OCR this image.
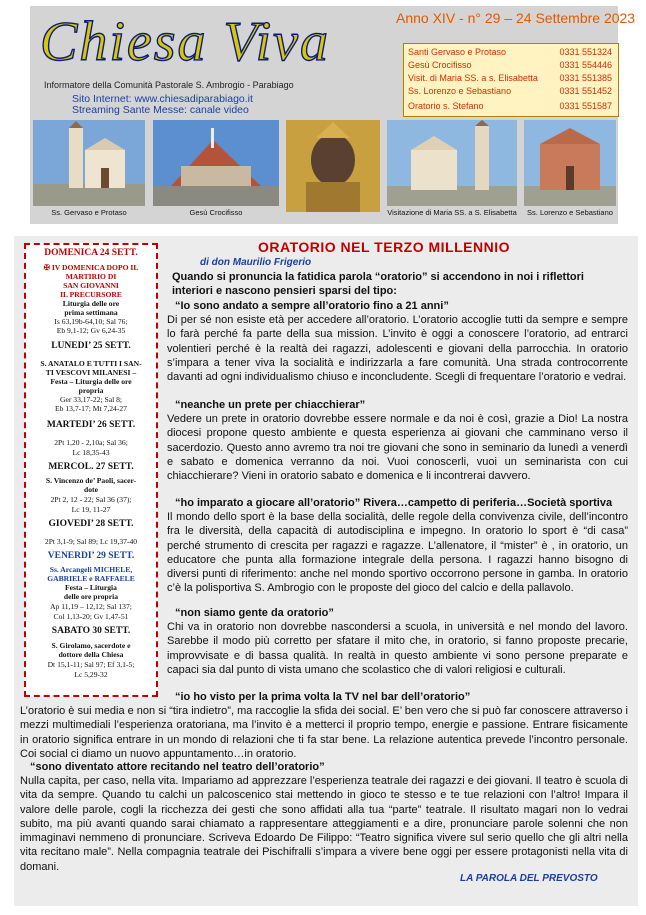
Chiesa Viva
Informatore della Comunità Pastorale S. Ambrogio - Parabiago
Sito Internet: www.chiesadiparabiago.it
Streaming Sante Messe: canale video
Anno XIV - n° 29 – 24 Settembre 2023
Santi Gervaso e Protaso	0331 551324
Gesù Crocifisso	0331 554446
Visit. di Maria SS. a s. Elisabetta 0331 551385
Ss. Lorenzo e Sebastiano	0331 551452
Oratorio s. Stefano	0331 551587
Ss. Gervaso e Protaso	Gesù Crocifisso	Visitazione di Maria SS. a S. Elisabetta	Ss. Lorenzo e Sebastiano
DOMENICA 24 SETT.
✠ IV DOMENICA DOPO IL
MARTIRIO DI
SAN GIOVANNI
IL PRECURSORE
Liturgia delle ore
prima settimana
Is 63,19b-64,10; Sal 76;
Eb 9,1-12; Gv 6,24-35
LUNEDI’ 25 SETT.
S. ANATALO E TUTTI I SAN-
TI VESCOVI MILANESI –
Festa – Liturgia delle ore
propria
Ger 33,17-22; Sal 8;
Eb 13,7-17; Mt 7,24-27
MARTEDI’ 26 SETT.
2Pt 1,20 - 2,10a; Sal 36;
Lc 18,35-43
MERCOL. 27 SETT.
S. Vincenzo de’ Paoli, sacer-
dote
2Pt 2, 12 - 22; Sal 36 (37);
Lc 19, 11-27
GIOVEDI’ 28 SETT.
2Pt 3,1-9; Sal 89; Lc 19,37-40
VENERDI’ 29 SETT.
Ss. Arcangeli MICHELE,
GABRIELE e RAFFAELE
Festa – Liturgia
delle ore propria
Ap 11,19 – 12,12; Sal 137;
Col 1,13-20; Gv 1,47-51
SABATO 30 SETT.
S. Girolamo, sacerdote e
dottore della Chiesa
Dt 15,1-11; Sal 97; Ef 3,1-5;
Lc 5,29-32
ORATORIO NEL TERZO MILLENNIO
di don Maurilio Frigerio
Quando si pronuncia la fatidica parola “oratorio” si accendono in noi i riflettori interiori e nascono pensieri sparsi del tipo:
“Io sono andato a sempre all’oratorio fino a 21 anni”
Di per sé non esiste età per accedere all’oratorio. L’oratorio accoglie tutti da sempre e sempre lo farà perché fa parte della sua mission. L’invito è oggi a conoscere l’oratorio, ad entrarci volentieri perché è la realtà dei ragazzi, adolescenti e giovani della parrocchia. In oratorio s’impara a tener viva la socialità e indirizzarla a fare comunità. Una strada controcorrente davanti ad ogni individualismo chiuso e inconcludente. Scegli di frequentare l’oratorio e vedrai.
“neanche un prete per chiacchierar”
Vedere un prete in oratorio dovrebbe essere normale e da noi è così, grazie a Dio! La nostra diocesi propone questo ambiente e questa esperienza ai giovani che camminano verso il sacerdozio. Questo anno avremo tra noi tre giovani che sono in seminario da lunedì a venerdì e sabato e domenica verranno da noi. Vuoi conoscerli, vuoi un seminarista con cui chiacchierare? Vieni in oratorio sabato e domenica e li incontrerai davvero.
“ho imparato a giocare all’oratorio” Rivera…campetto di periferia…Società sportiva
Il mondo dello sport è la base della socialità, delle regole della convivenza civile, dell’incontro fra le diversità, della capacità di autodisciplina e impegno. In oratorio lo sport è “di casa” perché strumento di crescita per ragazzi e ragazze. L’allenatore, il “mister” è , in oratorio, un educatore che punta alla formazione integrale della persona. I ragazzi hanno bisogno di diversi punti di riferimento: anche nel mondo sportivo occorrono persone in gamba. In oratorio c’è la polisportiva S. Ambrogio con le proposte del gioco del calcio e della pallavolo.
“non siamo gente da oratorio”
Chi va in oratorio non dovrebbe nascondersi a scuola, in università e nel mondo del lavoro. Sarebbe il modo più corretto per sfatare il mito che, in oratorio, si fanno proposte precarie, improvvisate e di bassa qualità. In realtà in questo ambiente vi sono persone preparate e capaci sia dal punto di vista umano che scolastico che di valori religiosi e culturali.
“io ho visto per la prima volta la TV nel bar dell’oratorio”
L’oratorio è sui media e non si “tira indietro”, ma raccoglie la sfida dei social. E’ ben vero che si può far conoscere attraverso i mezzi multimediali l’esperienza oratoriana, ma l’invito è a metterci il proprio tempo, energie e passione. Entrare fisicamente in oratorio significa entrare in un mondo di relazioni che ti fa star bene. La relazione autentica prevede l’incontro personale. Coi social ci diamo un nuovo appuntamento…in oratorio.
“sono diventato attore recitando nel teatro dell’oratorio”
Nulla capita, per caso, nella vita. Impariamo ad apprezzare l’esperienza teatrale dei ragazzi e dei giovani. Il teatro è scuola di vita da sempre. Quando tu calchi un palcoscenico stai mettendo in gioco te stesso e te tue relazioni con l’altro! Impara il valore delle parole, cogli la ricchezza dei gesti che sono affidati alla tua “parte” teatrale. Il risultato magari non lo vedrai subito, ma più avanti quando sarai chiamato a rappresentare atteggiamenti e a dire, pronunciare parole solenni che non immaginavi nemmeno di pronunciare. Scriveva Edoardo De Filippo: “Teatro significa vivere sul serio quello che gli altri nella vita recitano male”. Nella compagnia teatrale dei Pischifralli s’impara a vivere bene oggi per essere protagonisti nella vita di domani.
LA PAROLA DEL PREVOSTO
